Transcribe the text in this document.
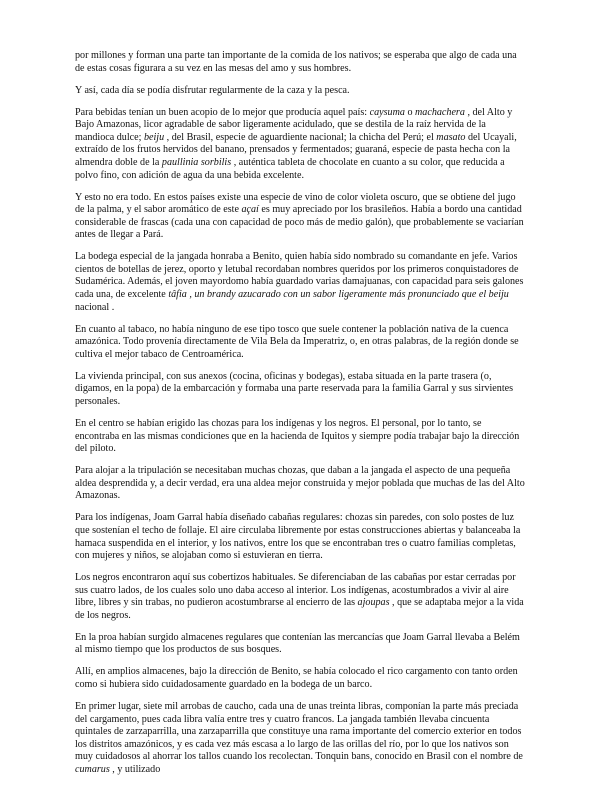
por millones y forman una parte tan importante de la comida de los nativos; se esperaba que algo de cada una de estas cosas figurara a su vez en las mesas del amo y sus hombres.

Y así, cada día se podía disfrutar regularmente de la caza y la pesca.

Para bebidas tenían un buen acopio de lo mejor que producía aquel país: caysuma o machachera , del Alto y Bajo Amazonas, licor agradable de sabor ligeramente acidulado, que se destila de la raíz hervida de la mandioca dulce; beiju , del Brasil, especie de aguardiente nacional; la chicha del Perú; el masato del Ucayali, extraído de los frutos hervidos del banano, prensados y fermentados; guaraná, especie de pasta hecha con la almendra doble de la paullinia sorbilis , auténtica tableta de chocolate en cuanto a su color, que reducida a polvo fino, con adición de agua da una bebida excelente.

Y esto no era todo. En estos países existe una especie de vino de color violeta oscuro, que se obtiene del jugo de la palma, y el sabor aromático de este açaí es muy apreciado por los brasileños. Había a bordo una cantidad considerable de frascas (cada una con capacidad de poco más de medio galón), que probablemente se vaciarían antes de llegar a Pará.

La bodega especial de la jangada honraba a Benito, quien había sido nombrado su comandante en jefe. Varios cientos de botellas de jerez, oporto y letubal recordaban nombres queridos por los primeros conquistadores de Sudamérica. Además, el joven mayordomo había guardado varias damajuanas, con capacidad para seis galones cada una, de excelente tâfia , un brandy azucarado con un sabor ligeramente más pronunciado que el beiju nacional .

En cuanto al tabaco, no había ninguno de ese tipo tosco que suele contener la población nativa de la cuenca amazónica. Todo provenía directamente de Vila Bela da Imperatriz, o, en otras palabras, de la región donde se cultiva el mejor tabaco de Centroamérica.

La vivienda principal, con sus anexos (cocina, oficinas y bodegas), estaba situada en la parte trasera (o, digamos, en la popa) de la embarcación y formaba una parte reservada para la familia Garral y sus sirvientes personales.

En el centro se habían erigido las chozas para los indígenas y los negros. El personal, por lo tanto, se encontraba en las mismas condiciones que en la hacienda de Iquitos y siempre podía trabajar bajo la dirección del piloto.

Para alojar a la tripulación se necesitaban muchas chozas, que daban a la jangada el aspecto de una pequeña aldea desprendida y, a decir verdad, era una aldea mejor construida y mejor poblada que muchas de las del Alto Amazonas.

Para los indígenas, Joam Garral había diseñado cabañas regulares: chozas sin paredes, con solo postes de luz que sostenían el techo de follaje. El aire circulaba libremente por estas construcciones abiertas y balanceaba la hamaca suspendida en el interior, y los nativos, entre los que se encontraban tres o cuatro familias completas, con mujeres y niños, se alojaban como si estuvieran en tierra.

Los negros encontraron aquí sus cobertizos habituales. Se diferenciaban de las cabañas por estar cerradas por sus cuatro lados, de los cuales solo uno daba acceso al interior. Los indígenas, acostumbrados a vivir al aire libre, libres y sin trabas, no pudieron acostumbrarse al encierro de las ajoupas , que se adaptaba mejor a la vida de los negros.

En la proa habían surgido almacenes regulares que contenían las mercancías que Joam Garral llevaba a Belém al mismo tiempo que los productos de sus bosques.

Allí, en amplios almacenes, bajo la dirección de Benito, se había colocado el rico cargamento con tanto orden como si hubiera sido cuidadosamente guardado en la bodega de un barco.

En primer lugar, siete mil arrobas de caucho, cada una de unas treinta libras, componían la parte más preciada del cargamento, pues cada libra valía entre tres y cuatro francos. La jangada también llevaba cincuenta quintales de zarzaparrilla, una zarzaparrilla que constituye una rama importante del comercio exterior en todos los distritos amazónicos, y es cada vez más escasa a lo largo de las orillas del río, por lo que los nativos son muy cuidadosos al ahorrar los tallos cuando los recolectan. Tonquin bans, conocido en Brasil con el nombre de cumarus , y utilizado
